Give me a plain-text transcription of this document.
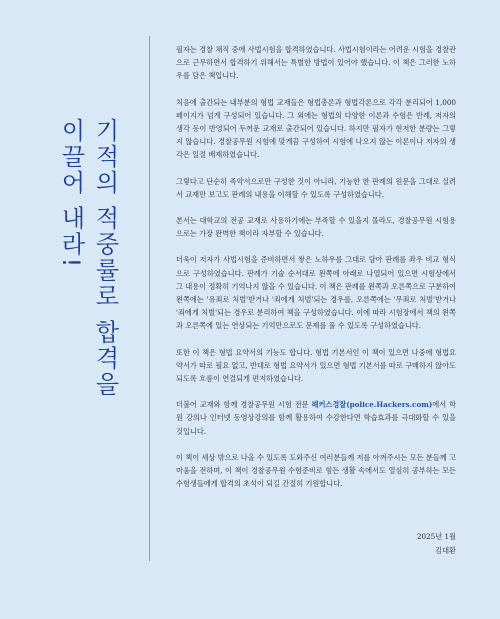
기적의 적중률로 합격을
이끌어 내라!

필자는 경찰 채직 중에 사법시험을 합격하였습니다. 사법시험이라는 어려운 시험을 경찰관으로 근무하면서 합격하기 위해서는 특별한 방법이 있어야 했습니다. 이 책은 그러한 노하우를 담은 책입니다.

처음에 출간되는 내부분의 형법 교재들은 형법총론과 형법각론으로 각각 분리되어 1,000페이지가 넘게 구성되어 있습니다. 그 외에는 형법의 다양한 이론과 수험은 반례, 저자의 생각 등이 반영되어 두꺼운 교재로 출간되어 있습니다. 하지만 필자가 현저한 분량는 그렇지 않습니다. 경찰공무원 시험에 맞게끔 구성하여 시험에 나오지 않는 이론이나 저자의 생각은 일절 배제하였습니다.

그렇다고 단순히 족약서으로만 구성한 것이 아니라, 기능한 한 판례의 원문을 그대로 실려서 교재만 보고도 판례의 내용을 이해할 수 있도록 구성하였습니다.

본서는 대학교의 전공 교재로 사용하기에는 부족할 수 있을지 몰라도, 경찰공무원 시험용으로는 가장 완벽한 책이라 자부할 수 있습니다.

더욱이 저자가 사법시험을 준비하면서 쌓은 노하우를 그대로 담아 판례를 좌우 비교 형식으로 구성하였습니다. 판례가 기술 순서대로 왼쪽에 아래로 나열되어 있으면 시험상에서 그 내용이 정확히 기억나지 않을 수 있습니다. 이 책은 판례를 왼쪽과 오른쪽으로 구분하여 왼쪽에는 '유죄로 처벌'받거나 '죄에게 처벌'되는 경우를, 오른쪽에는 '무죄로 처벌'받거나 '죄에게 처벌'되는 경우로 분리하여 책을 구성하였습니다. 이에 따라 시험장에서 책의 왼쪽과 오른쪽에 있는 연상되는 기억만으로도 문제를 풀 수 있도록 구성하였습니다.

또한 이 책은 형법 요약서의 기능도 합니다. 형법 기본서인 이 책이 있으면 나중에 형법요약서가 따로 필요 없고, 반대로 형법 요약서가 있으면 형법 기본서를 따로 구매하지 않아도 되도록 흐름이 연결되게 편저하였습니다.

더불어 교재와 함께 경찰공무원 시험 전문 해커스경찰(police.Hackers.com)에서 학원 강의나 인터넷 동영상강의를 함께 활용하여 수강한다면 학습효과를 극대화할 수 있을 것입니다.

이 책이 세상 밖으로 나올 수 있도록 도와주신 여러분들께 저를 아껴주시는 모든 분들께 고마움을 전하며, 이 책이 경찰공무원 수험준비로 힘든 생활 속에서도 열심히 공부하는 모든 수험생들에게 합격의 초석이 되길 간절히 기원합니다.

2025년 1월
김대환
